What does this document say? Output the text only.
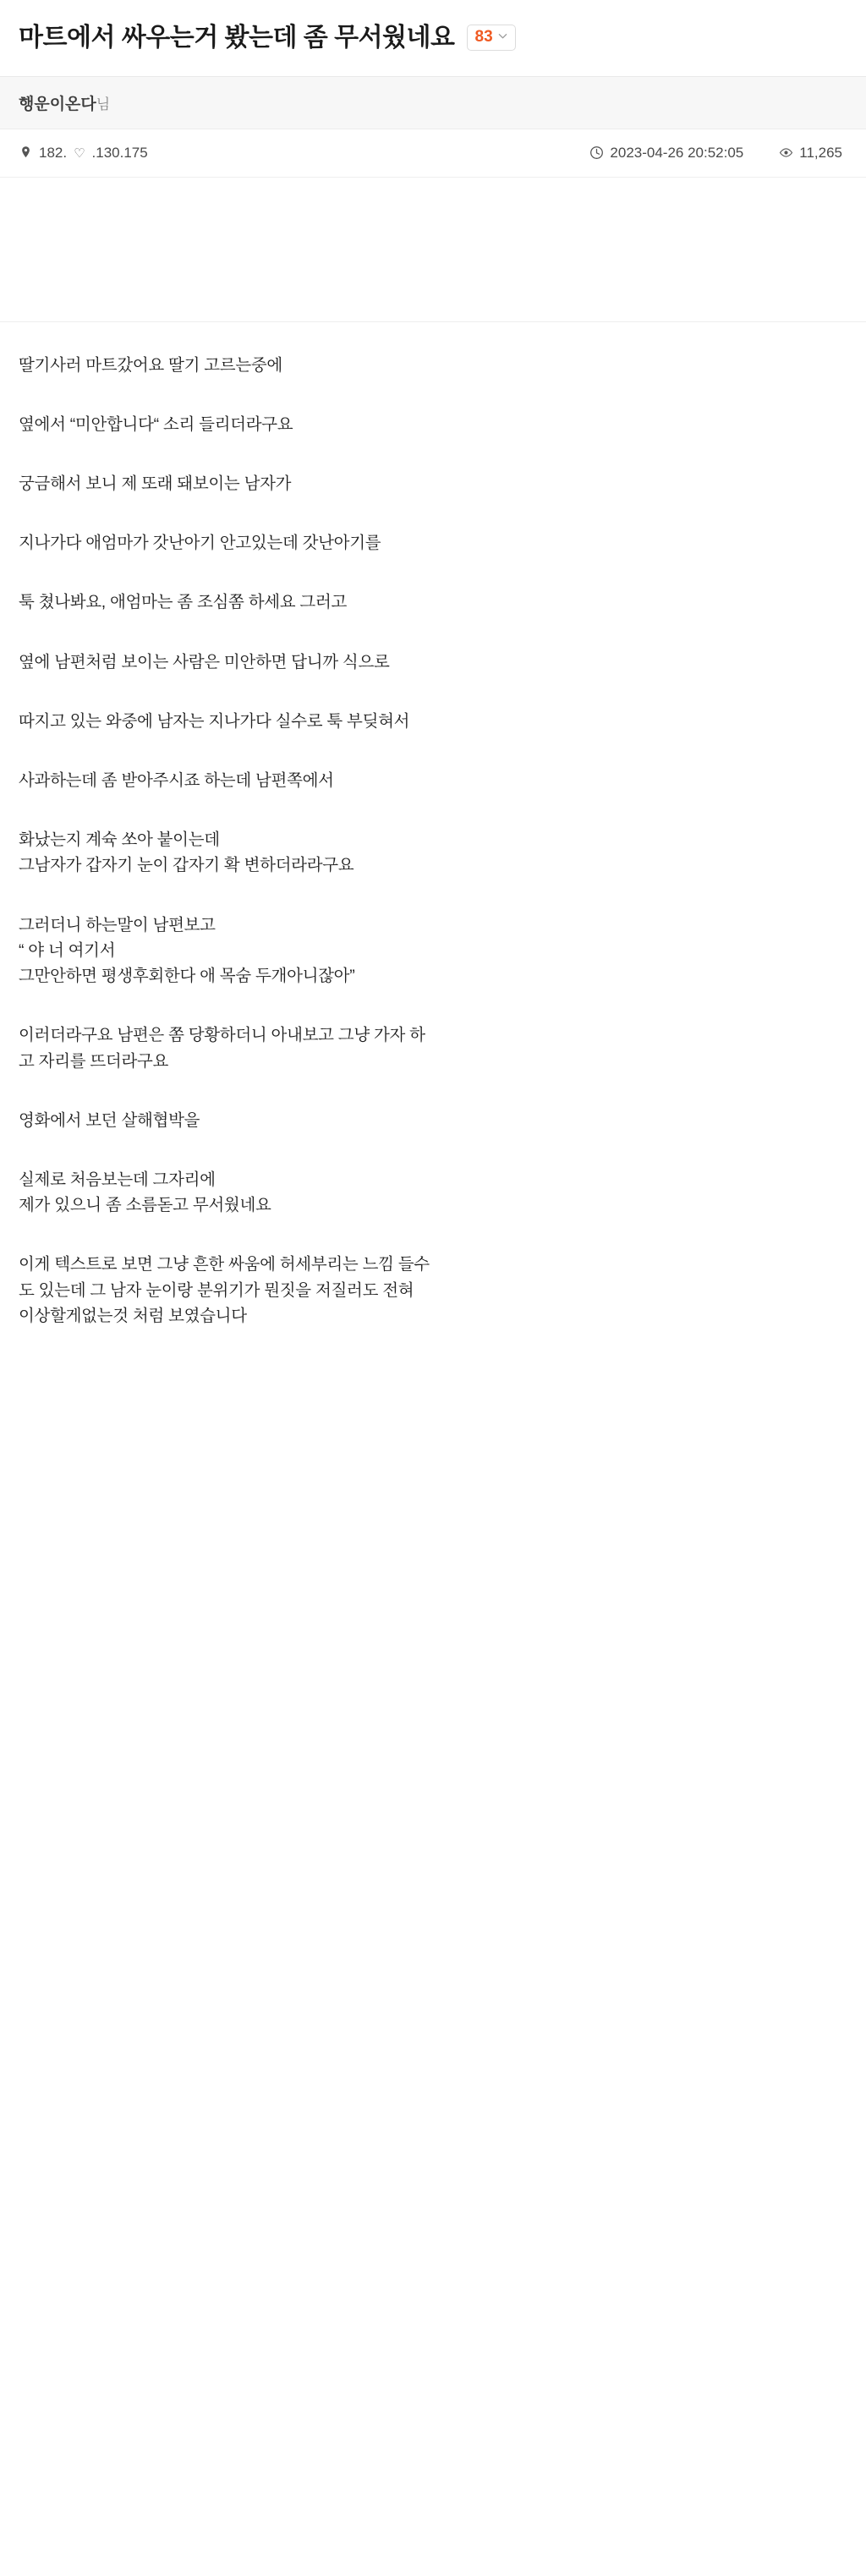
마트에서 싸우는거 봤는데 좀 무서웠네요 83
행운이온다 님
182. ♡ .130.175	2023-04-26 20:52:05	11,265

딸기사러 마트갔어요 딸기 고르는중에

옆에서 “미안합니다“ 소리 들리더라구요

궁금해서 보니 제 또래 돼보이는 남자가

지나가다 애엄마가 갓난아기 안고있는데 갓난아기를

툭 쳤나봐요, 애엄마는 좀 조심쫌 하세요 그러고

옆에 남편처럼 보이는 사람은 미안하면 답니까 식으로

따지고 있는 와중에 남자는 지나가다 실수로 툭 부딪혀서

사과하는데 좀 받아주시죠 하는데 남편쪽에서

화났는지 계슉 쏘아 붙이는데
그남자가 갑자기 눈이 갑자기 확 변하더라라구요

그러더니 하는말이 남편보고
“ 야 너 여기서
그만안하면 평생후회한다 애 목숨 두개아니잖아”

이러더라구요 남편은 쫌 당황하더니 아내보고 그냥 가자 하
고 자리를 뜨더라구요

영화에서 보던 살해협박을

실제로 처음보는데 그자리에
제가 있으니 좀 소름돋고 무서웠네요

이게 텍스트로 보면 그냥 흔한 싸움에 허세부리는 느낌 들수
도 있는데 그 남자 눈이랑 분위기가 뭔짓을 저질러도 전혀
이상할게없는것 처럼 보였습니다
